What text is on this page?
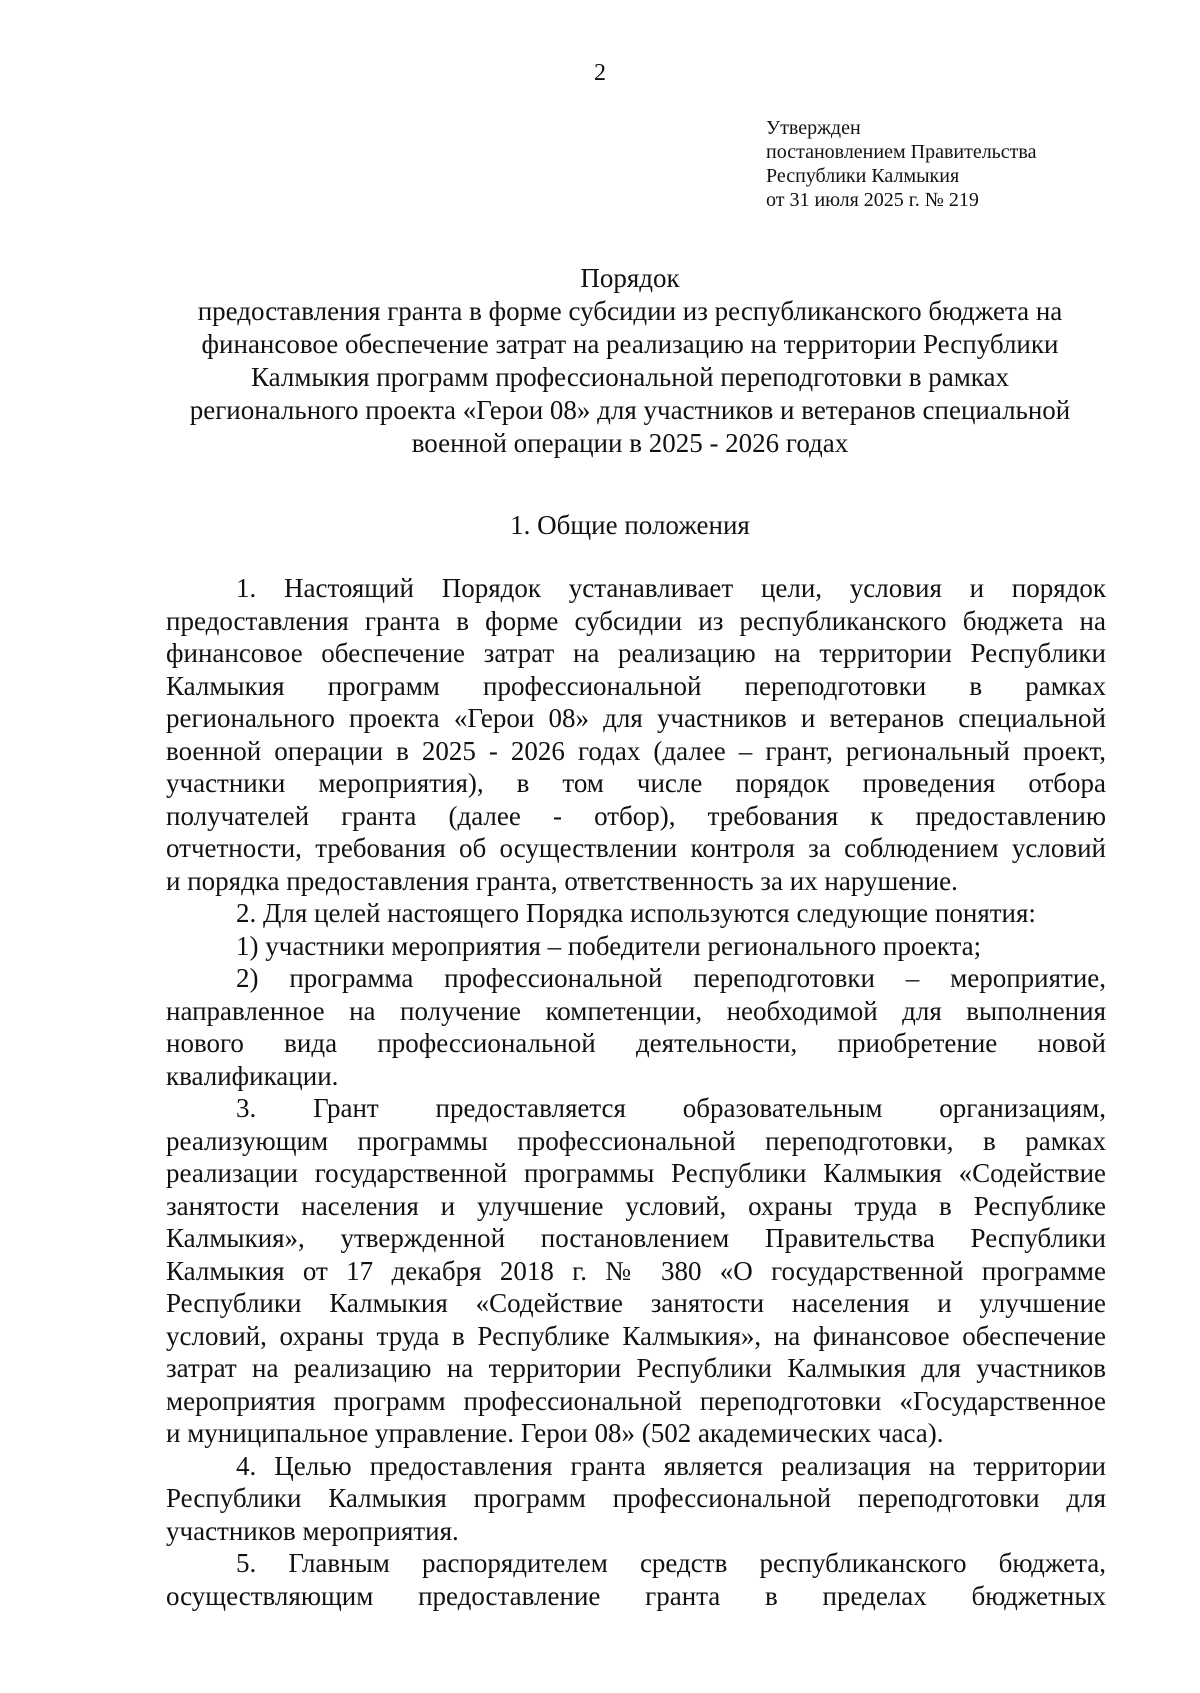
2
Утвержден
постановлением Правительства
Республики Калмыкия
от 31 июля 2025 г. № 219
Порядок
предоставления гранта в форме субсидии из республиканского бюджета на
финансовое обеспечение затрат на реализацию на территории Республики
Калмыкия программ профессиональной переподготовки в рамках
регионального проекта «Герои 08» для участников и ветеранов специальной
военной операции в 2025 - 2026 годах
1. Общие положения
1. Настоящий Порядок устанавливает цели, условия и порядок
предоставления гранта в форме субсидии из республиканского бюджета на
финансовое обеспечение затрат на реализацию на территории Республики
Калмыкия программ профессиональной переподготовки в рамках
регионального проекта «Герои 08» для участников и ветеранов специальной
военной операции в 2025 - 2026 годах (далее – грант, региональный проект,
участники мероприятия), в том числе порядок проведения отбора
получателей гранта (далее - отбор), требования к предоставлению
отчетности, требования об осуществлении контроля за соблюдением условий
и порядка предоставления гранта, ответственность за их нарушение.
2. Для целей настоящего Порядка используются следующие понятия:
1) участники мероприятия – победители регионального проекта;
2) программа профессиональной переподготовки – мероприятие,
направленное на получение компетенции, необходимой для выполнения
нового вида профессиональной деятельности, приобретение новой
квалификации.
3. Грант предоставляется образовательным организациям,
реализующим программы профессиональной переподготовки, в рамках
реализации государственной программы Республики Калмыкия «Содействие
занятости населения и улучшение условий, охраны труда в Республике
Калмыкия», утвержденной постановлением Правительства Республики
Калмыкия от 17 декабря 2018 г. № 380 «О государственной программе
Республики Калмыкия «Содействие занятости населения и улучшение
условий, охраны труда в Республике Калмыкия», на финансовое обеспечение
затрат на реализацию на территории Республики Калмыкия для участников
мероприятия программ профессиональной переподготовки «Государственное
и муниципальное управление. Герои 08» (502 академических часа).
4. Целью предоставления гранта является реализация на территории
Республики Калмыкия программ профессиональной переподготовки для
участников мероприятия.
5. Главным распорядителем средств республиканского бюджета,
осуществляющим предоставление гранта в пределах бюджетных
